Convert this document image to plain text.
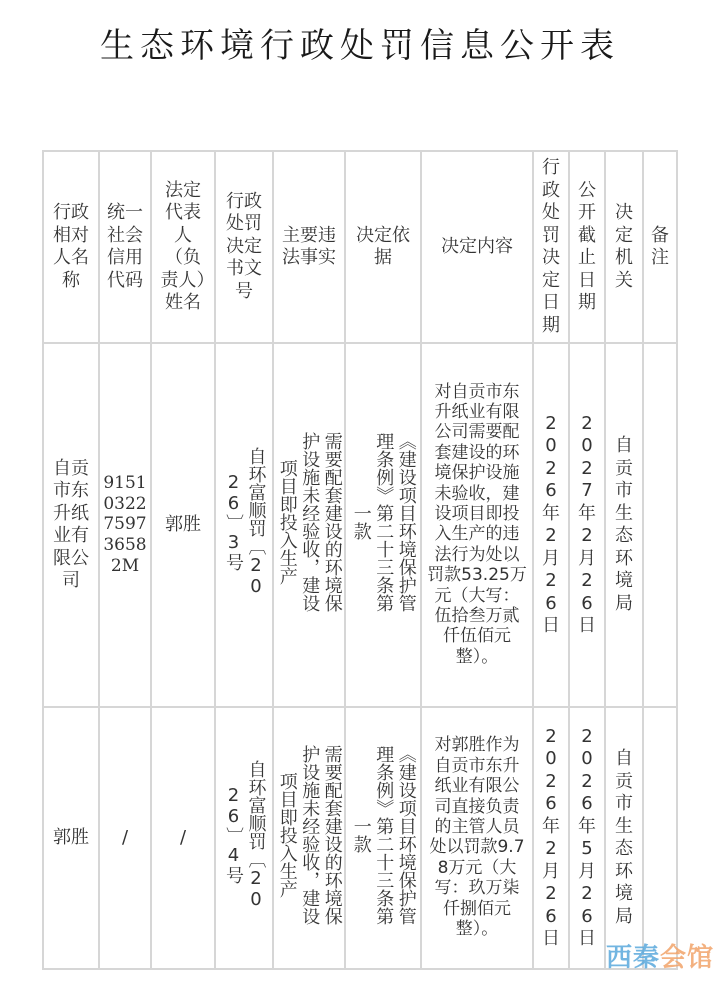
生态环境行政处罚信息公开表
行政相对人名称	统一社会信用代码	法定代表人（负责人）姓名	行政处罚决定书文号	主要违法事实	决定依据	决定内容	行政处罚决定日期	公开截止日期	决定机关	备注
自贡市东升纸业有限公司	9151032275973658 2M	郭胜	自环富顺罚〔2026〕3号	需要配套建设的环境保护设施未经验收，建设项目即投入生产	《建设项目环境保护管理条例》第二十三条第一款	对自贡市东升纸业有限公司需要配套建设的环境保护设施未验收，建设项目即投入生产的违法行为处以罚款53.25万元（大写：伍拾叁万贰仟伍佰元整）。	2026年2月26日	2027年2月26日	自贡市生态环境局	
郭胜	/	/	自环富顺罚〔2026〕4号	需要配套建设的环境保护设施未经验收，建设项目即投入生产	《建设项目环境保护管理条例》第二十三条第一款	对郭胜作为自贡市东升纸业有限公司直接负责的主管人员处以罚款9.78万元（大写：玖万柒仟捌佰元整）。	2026年2月26日	2026年5月26日	自贡市生态环境局	
西秦会馆
